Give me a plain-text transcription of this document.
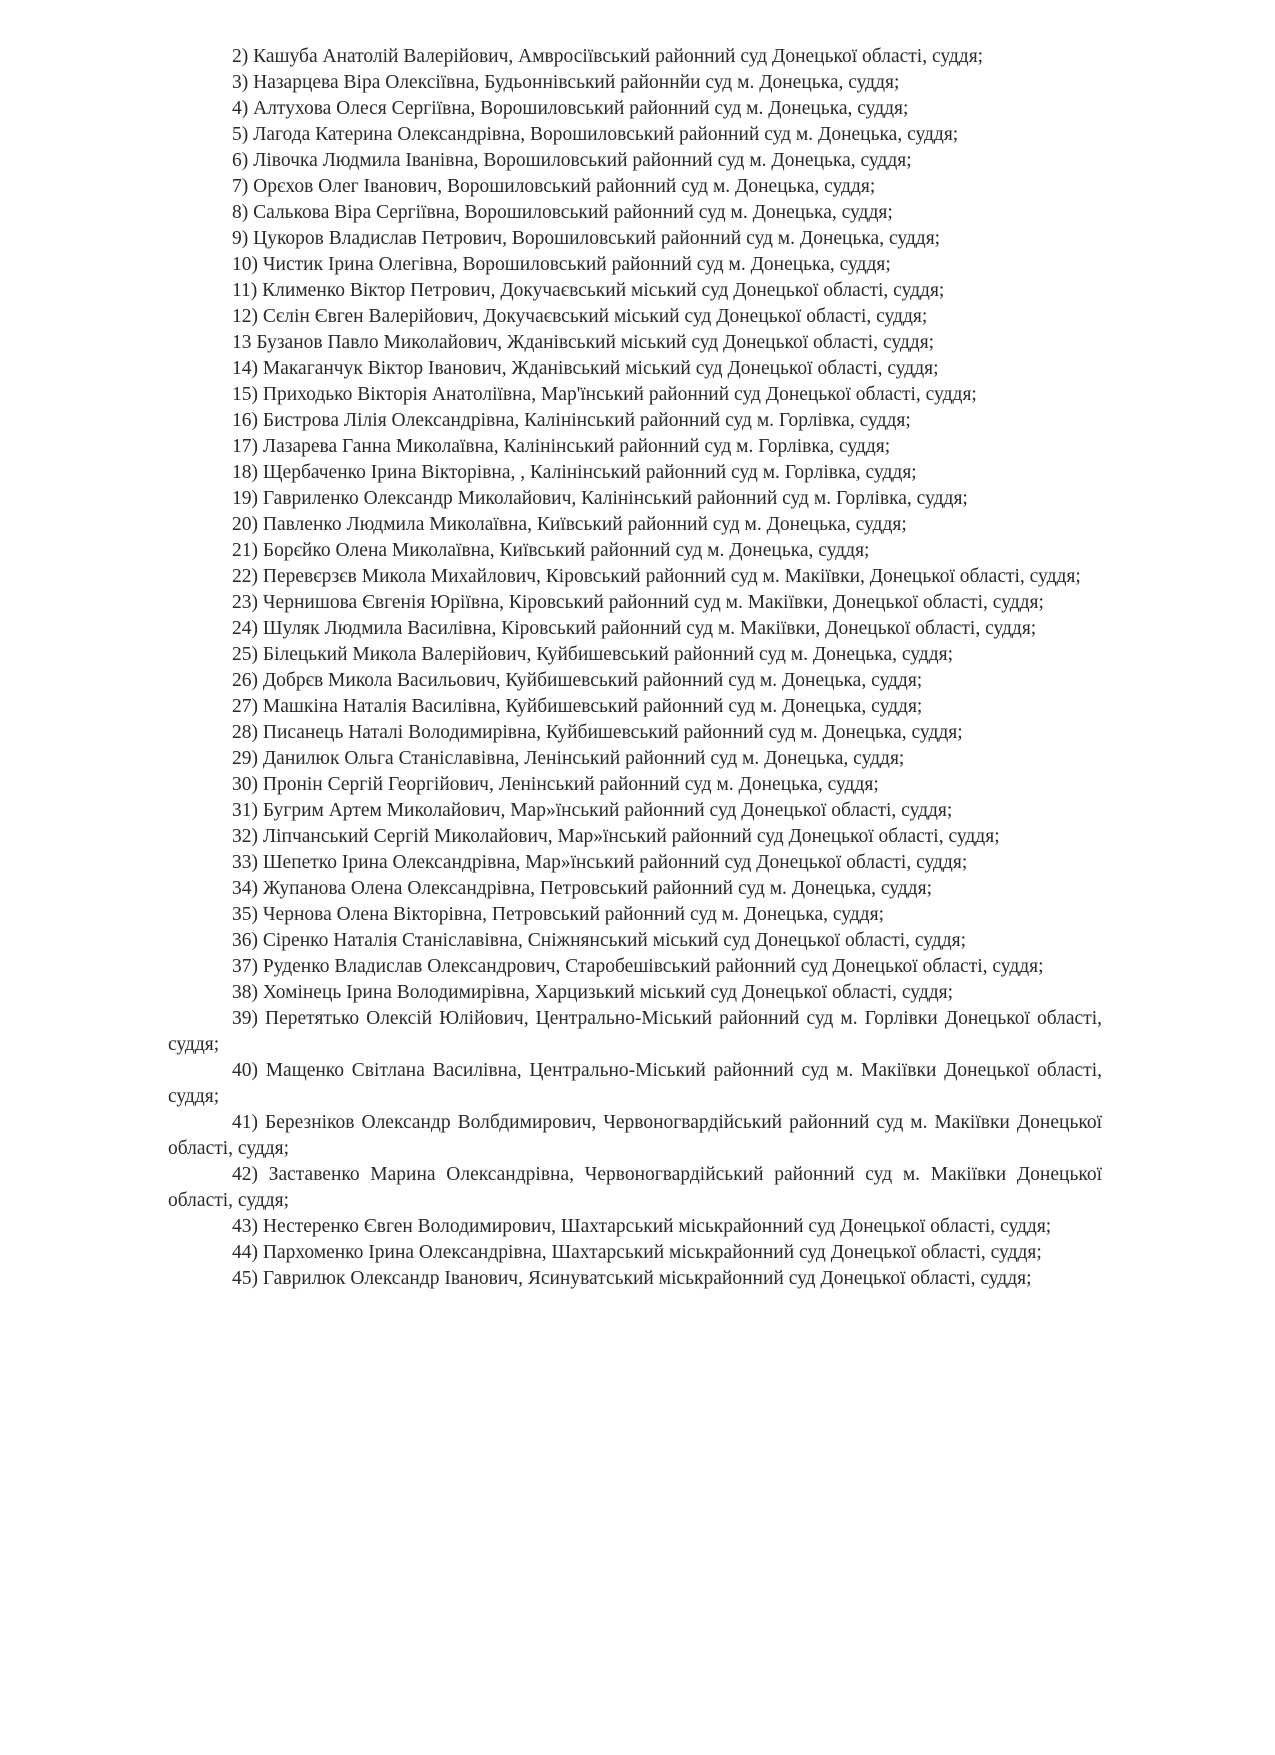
2) Кашуба Анатолій Валерійович, Амвросіївський районний суд Донецької області, суддя;

3) Назарцева Віра Олексіївна, Будьоннівський районнйи суд м. Донецька, суддя;

4) Алтухова Олеся Сергіївна, Ворошиловський районний суд м. Донецька, суддя;

5) Лагода Катерина Олександрівна, Ворошиловський районний суд м. Донецька, суддя;

6) Лівочка Людмила Іванівна, Ворошиловський районний суд м. Донецька, суддя;

7) Орєхов Олег Іванович, Ворошиловський районний суд м. Донецька, суддя;

8) Салькова Віра Сергіївна, Ворошиловський районний суд м. Донецька, суддя;

9) Цукоров Владислав Петрович, Ворошиловський районний суд м. Донецька, суддя;

10) Чистик Ірина Олегівна, Ворошиловський районний суд м. Донецька, суддя;

11) Клименко Віктор Петрович, Докучаєвський міський суд Донецької області, суддя;

12) Сєлін Євген Валерійович, Докучаєвський міський суд Донецької області, суддя;

13 Бузанов Павло Миколайович, Жданівський міський суд Донецької області, суддя;

14) Макаганчук Віктор Іванович, Жданівський міський суд Донецької області, суддя;

15) Приходько Вікторія Анатоліївна, Мар'їнський районний суд Донецької області, суддя;

16) Бистрова Лілія Олександрівна, Калінінський районний суд м. Горлівка, суддя;

17) Лазарева Ганна Миколаївна, Калінінський районний суд м. Горлівка, суддя;

18) Щербаченко Ірина Вікторівна, , Калінінський районний суд м. Горлівка, суддя;

19) Гавриленко Олександр Миколайович, Калінінський районний суд м. Горлівка, суддя;

20) Павленко Людмила Миколаївна, Київський районний суд м. Донецька, суддя;

21) Борєйко Олена Миколаївна, Київський районний суд м. Донецька, суддя;

22) Перевєрзєв Микола Михайлович, Кіровський районний суд м. Макіївки, Донецької області, суддя;

23) Чернишова Євгенія Юріївна, Кіровський районний суд м. Макіївки, Донецької області, суддя;

24) Шуляк Людмила Василівна, Кіровський районний суд м. Макіївки, Донецької області, суддя;

25) Білецький Микола Валерійович, Куйбишевський районний суд м. Донецька, суддя;

26) Добрєв Микола Васильович, Куйбишевський районний суд м. Донецька, суддя;

27) Машкіна Наталія Василівна, Куйбишевський районний суд м. Донецька, суддя;

28) Писанець Наталі Володимирівна, Куйбишевський районний суд м. Донецька, суддя;

29) Данилюк Ольга Станіславівна, Ленінський районний суд м. Донецька, суддя;

30) Пронін Сергій Георгійович, Ленінський районний суд м. Донецька, суддя;

31) Бугрим Артем Миколайович, Мар»їнський районний суд Донецької області, суддя;

32) Ліпчанський Сергій Миколайович, Мар»їнський районний суд Донецької області, суддя;

33) Шепетко Ірина Олександрівна, Мар»їнський районний суд Донецької області, суддя;

34) Жупанова Олена Олександрівна, Петровський районний суд м. Донецька, суддя;

35) Чернова Олена Вікторівна, Петровський районний суд м. Донецька, суддя;

36) Сіренко Наталія Станіславівна, Сніжнянський міський суд Донецької області, суддя;

37) Руденко Владислав Олександрович, Старобешівський районний суд Донецької області, суддя;

38) Хомінець Ірина Володимирівна, Харцизький міський суд Донецької області, суддя;

39) Перетятько Олексій Юлійович, Центрально-Міський районний суд м. Горлівки Донецької області, суддя;

40) Мащенко Світлана Василівна, Центрально-Міський районний суд м. Макіївки Донецької області, суддя;

41) Березніков Олександр Волбдимирович, Червоногвардійський районний суд м. Макіївки Донецької області, суддя;

42) Заставенко Марина Олександрівна, Червоногвардійський районний суд м. Макіївки Донецької області, суддя;

43) Нестеренко Євген Володимирович, Шахтарський міськрайонний суд Донецької області, суддя;

44) Пархоменко Ірина Олександрівна, Шахтарський міськрайонний суд Донецької області, суддя;

45) Гаврилюк Олександр Іванович, Ясинуватський міськрайонний суд Донецької області, суддя;
